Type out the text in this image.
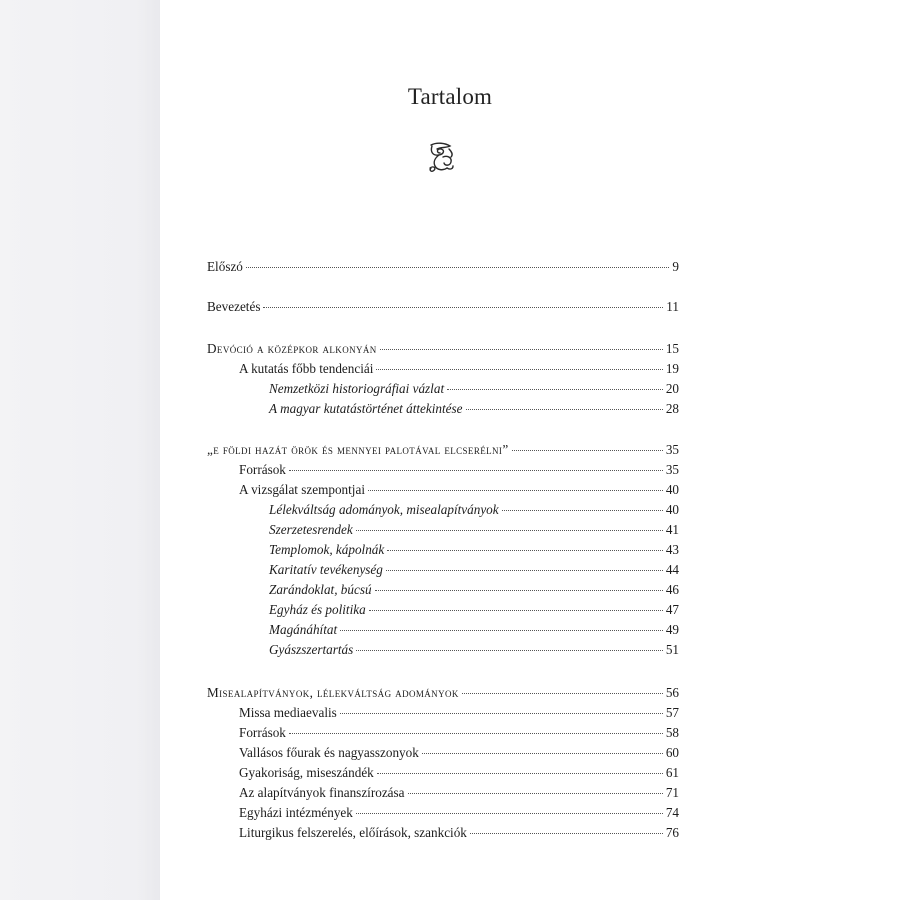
Tartalom
Előszó	9
Bevezetés	11
Devóció a középkor alkonyán	15
A kutatás főbb tendenciái	19
Nemzetközi historiográfiai vázlat	20
A magyar kutatástörténet áttekintése	28
„e földi hazát örök és mennyei palotával elcserélni”	35
Források	35
A vizsgálat szempontjai	40
Lélekváltság adományok, misealapítványok	40
Szerzetesrendek	41
Templomok, kápolnák	43
Karitatív tevékenység	44
Zarándoklat, búcsú	46
Egyház és politika	47
Magánáhítat	49
Gyászszertartás	51
Misealapítványok, lélekváltság adományok	56
Missa mediaevalis	57
Források	58
Vallásos főurak és nagyasszonyok	60
Gyakoriság, miseszándék	61
Az alapítványok finanszírozása	71
Egyházi intézmények	74
Liturgikus felszerelés, előírások, szankciók	76
